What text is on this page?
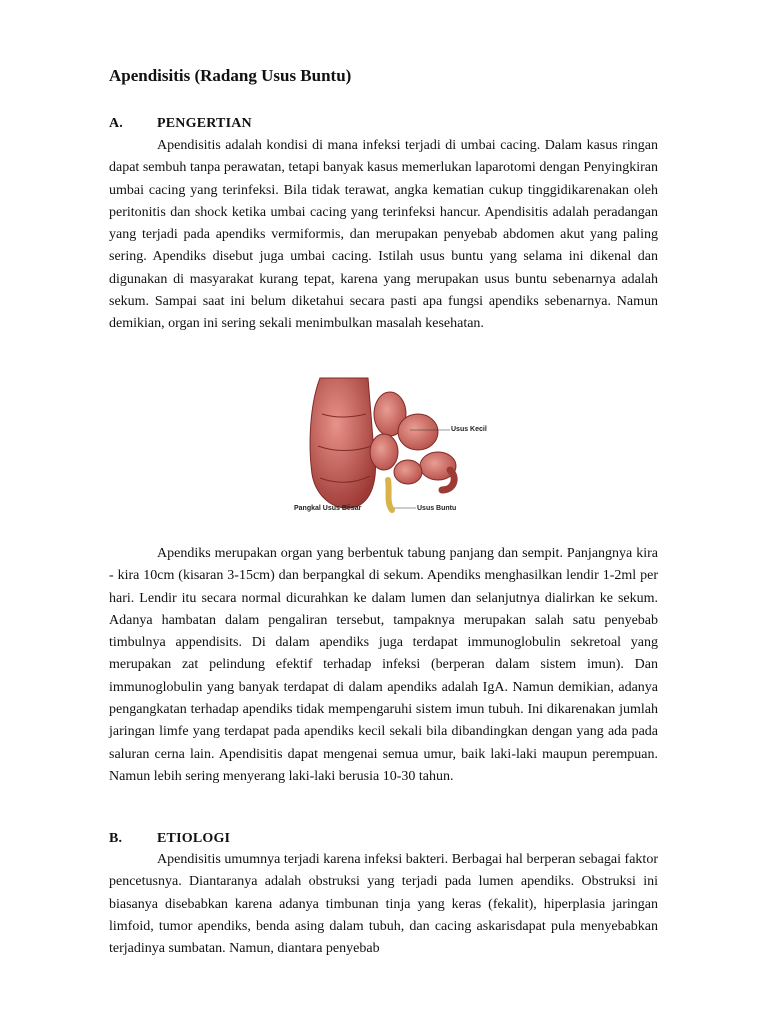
Apendisitis (Radang Usus Buntu)
A. PENGERTIAN

Apendisitis adalah kondisi di mana infeksi terjadi di umbai cacing. Dalam kasus ringan dapat sembuh tanpa perawatan, tetapi banyak kasus memerlukan laparotomi dengan Penyingkiran umbai cacing yang terinfeksi. Bila tidak terawat, angka kematian cukup tinggidikarenakan oleh peritonitis dan shock ketika umbai cacing yang terinfeksi hancur. Apendisitis adalah peradangan yang terjadi pada apendiks vermiformis, dan merupakan penyebab abdomen akut yang paling sering. Apendiks disebut juga umbai cacing. Istilah usus buntu yang selama ini dikenal dan digunakan di masyarakat kurang tepat, karena yang merupakan usus buntu sebenarnya adalah sekum. Sampai saat ini belum diketahui secara pasti apa fungsi apendiks sebenarnya. Namun demikian, organ ini sering sekali menimbulkan masalah kesehatan.

Usus Kecil
Pangkal Usus Besar	Usus Buntu

Apendiks merupakan organ yang berbentuk tabung panjang dan sempit. Panjangnya kira - kira 10cm (kisaran 3-15cm) dan berpangkal di sekum. Apendiks menghasilkan lendir 1-2ml per hari. Lendir itu secara normal dicurahkan ke dalam lumen dan selanjutnya dialirkan ke sekum. Adanya hambatan dalam pengaliran tersebut, tampaknya merupakan salah satu penyebab timbulnya appendisits. Di dalam apendiks juga terdapat immunoglobulin sekretoal yang merupakan zat pelindung efektif terhadap infeksi (berperan dalam sistem imun). Dan immunoglobulin yang banyak terdapat di dalam apendiks adalah IgA. Namun demikian, adanya pengangkatan terhadap apendiks tidak mempengaruhi sistem imun tubuh. Ini dikarenakan jumlah jaringan limfe yang terdapat pada apendiks kecil sekali bila dibandingkan dengan yang ada pada saluran cerna lain. Apendisitis dapat mengenai semua umur, baik laki-laki maupun perempuan. Namun lebih sering menyerang laki-laki berusia 10-30 tahun.

B. ETIOLOGI

Apendisitis umumnya terjadi karena infeksi bakteri. Berbagai hal berperan sebagai faktor pencetusnya. Diantaranya adalah obstruksi yang terjadi pada lumen apendiks. Obstruksi ini biasanya disebabkan karena adanya timbunan tinja yang keras (fekalit), hiperplasia jaringan limfoid, tumor apendiks, benda asing dalam tubuh, dan cacing askarisdapat pula menyebabkan terjadinya sumbatan. Namun, diantara penyebab
